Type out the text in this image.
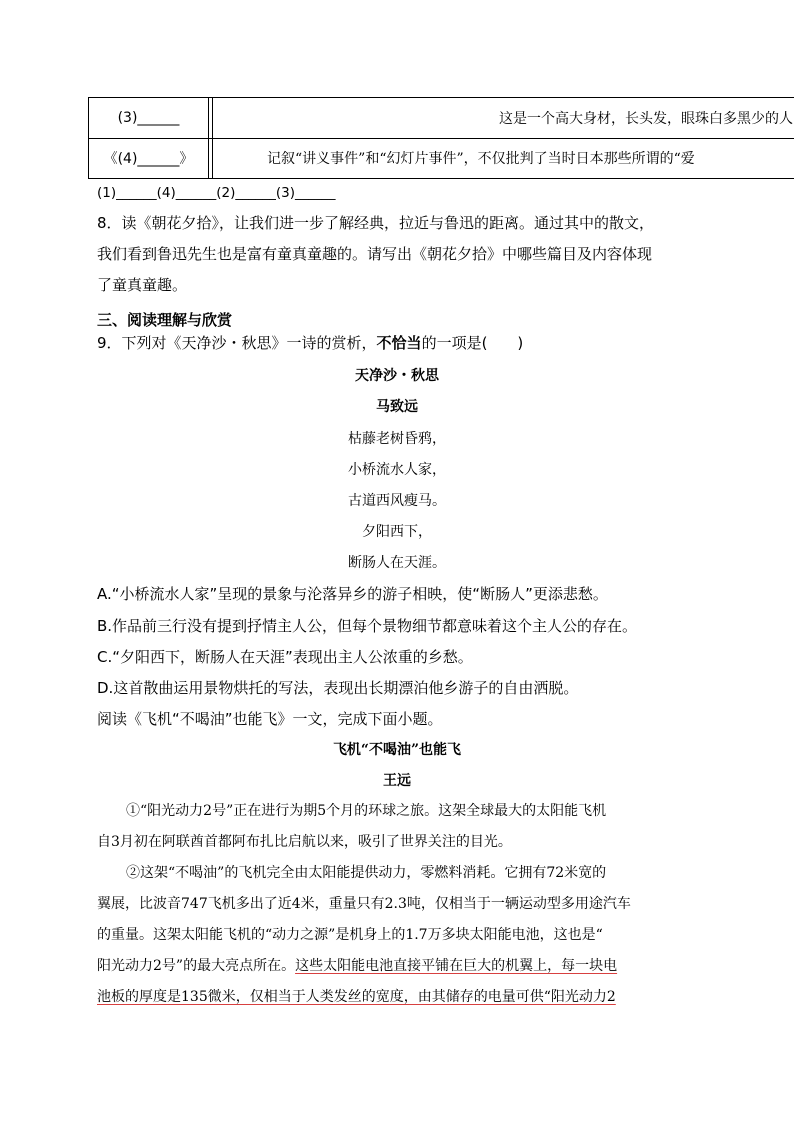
(3)______	这是一个高大身材，长头发，眼珠白多黑少的人
《(4)______》	记叙“讲义事件”和“幻灯片事件”，不仅批判了当时日本那些所谓的“爱
(1)______(4)______(2)______(3)______
8．读《朝花夕拾》，让我们进一步了解经典，拉近与鲁迅的距离。通过其中的散文，
我们看到鲁迅先生也是富有童真童趣的。请写出《朝花夕拾》中哪些篇目及内容体现
了童真童趣。
三、阅读理解与欣赏
9．下列对《天净沙・秋思》一诗的赏析，不恰当的一项是(　　)
天净沙・秋思
马致远
枯藤老树昏鸦，
小桥流水人家，
古道西风瘦马。
夕阳西下，
断肠人在天涯。
A.“小桥流水人家”呈现的景象与沦落异乡的游子相映，使“断肠人”更添悲愁。
B.作品前三行没有提到抒情主人公，但每个景物细节都意味着这个主人公的存在。
C.“夕阳西下，断肠人在天涯”表现出主人公浓重的乡愁。
D.这首散曲运用景物烘托的写法，表现出长期漂泊他乡游子的自由洒脱。
阅读《飞机“不喝油”也能飞》一文，完成下面小题。
飞机“不喝油”也能飞
王远
①“阳光动力2号”正在进行为期5个月的环球之旅。这架全球最大的太阳能飞机
自3月初在阿联酋首都阿布扎比启航以来，吸引了世界关注的目光。
②这架“不喝油”的飞机完全由太阳能提供动力，零燃料消耗。它拥有72米宽的
翼展，比波音747飞机多出了近4米，重量只有2.3吨，仅相当于一辆运动型多用途汽车
的重量。这架太阳能飞机的“动力之源”是机身上的1.7万多块太阳能电池，这也是“
阳光动力2号”的最大亮点所在。这些太阳能电池直接平铺在巨大的机翼上，每一块电
池板的厚度是135微米，仅相当于人类发丝的宽度，由其储存的电量可供“阳光动力2
